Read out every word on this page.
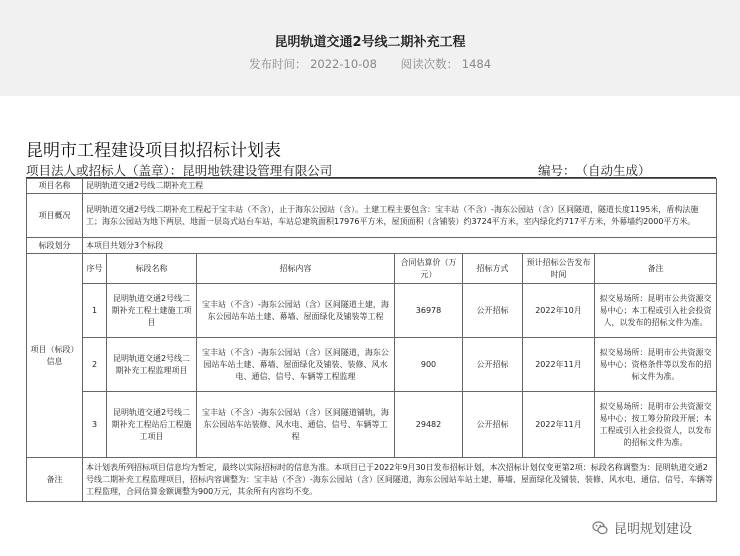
昆明轨道交通2号线二期补充工程
发布时间： 2022-10-08 阅读次数： 1484
昆明市工程建设项目拟招标计划表
项目法人或招标人（盖章）：昆明地铁建设管理有限公司	编号：　（自动生成）
项目名称	昆明轨道交通2号线二期补充工程						
项目概况	昆明轨道交通2号线二期补充工程起于宝丰站（不含），止于海东公园站（含）。土建工程主要包含：宝丰站（不含）-海东公园站（含）区间隧道，隧道长度1195米，盾构法施工；海东公园站为地下两层、地面一层岛式站台车站，车站总建筑面积17976平方米，屋顶面积（含铺装）约3724平方米，室内绿化约717平方米，外幕墙约2000平方米。						
标段划分	本项目共划分3个标段						
项目（标段）信息	序号	标段名称	招标内容	合同估算价（万元）	招标方式	预计招标公告发布时间	备注
	1	昆明轨道交通2号线二期补充工程土建施工项目	宝丰站（不含）-海东公园站（含）区间隧道土建，海东公园站车站土建、幕墙、屋面绿化及铺装等工程	36978	公开招标	2022年10月	拟交易场所：昆明市公共资源交易中心；本工程或引入社会投资人，以发布的招标文件为准。
	2	昆明轨道交通2号线二期补充工程监理项目	宝丰站（不含）-海东公园站（含）区间隧道，海东公园站车站土建、幕墙、屋面绿化及铺装、装修、风水电、通信、信号、车辆等工程监理	900	公开招标	2022年11月	拟交易场所：昆明市公共资源交易中心；资格条件等以发布的招标文件为准。
	3	昆明轨道交通2号线二期补充工程站后工程施工项目	宝丰站（不含）-海东公园站（含）区间隧道铺轨，海东公园站车站装修、风水电、通信、信号、车辆等工程	29482	公开招标	2022年11月	拟交易场所：昆明市公共资源交易中心；按工筹分阶段开展；本工程或引入社会投资人，以发布的招标文件为准。
备注	本计划表所列招标项目信息均为暂定，最终以实际招标时的信息为准。本项目已于2022年9月30日发布招标计划，本次招标计划仅变更第2项：标段名称调整为：昆明轨道交通2号线二期补充工程监理项目，招标内容调整为：宝丰站（不含）-海东公园站（含）区间隧道，海东公园站车站土建、幕墙、屋面绿化及铺装、装修、风水电、通信、信号、车辆等工程监理，合同估算金额调整为900万元，其余所有内容均不变。						
昆明规划建设
